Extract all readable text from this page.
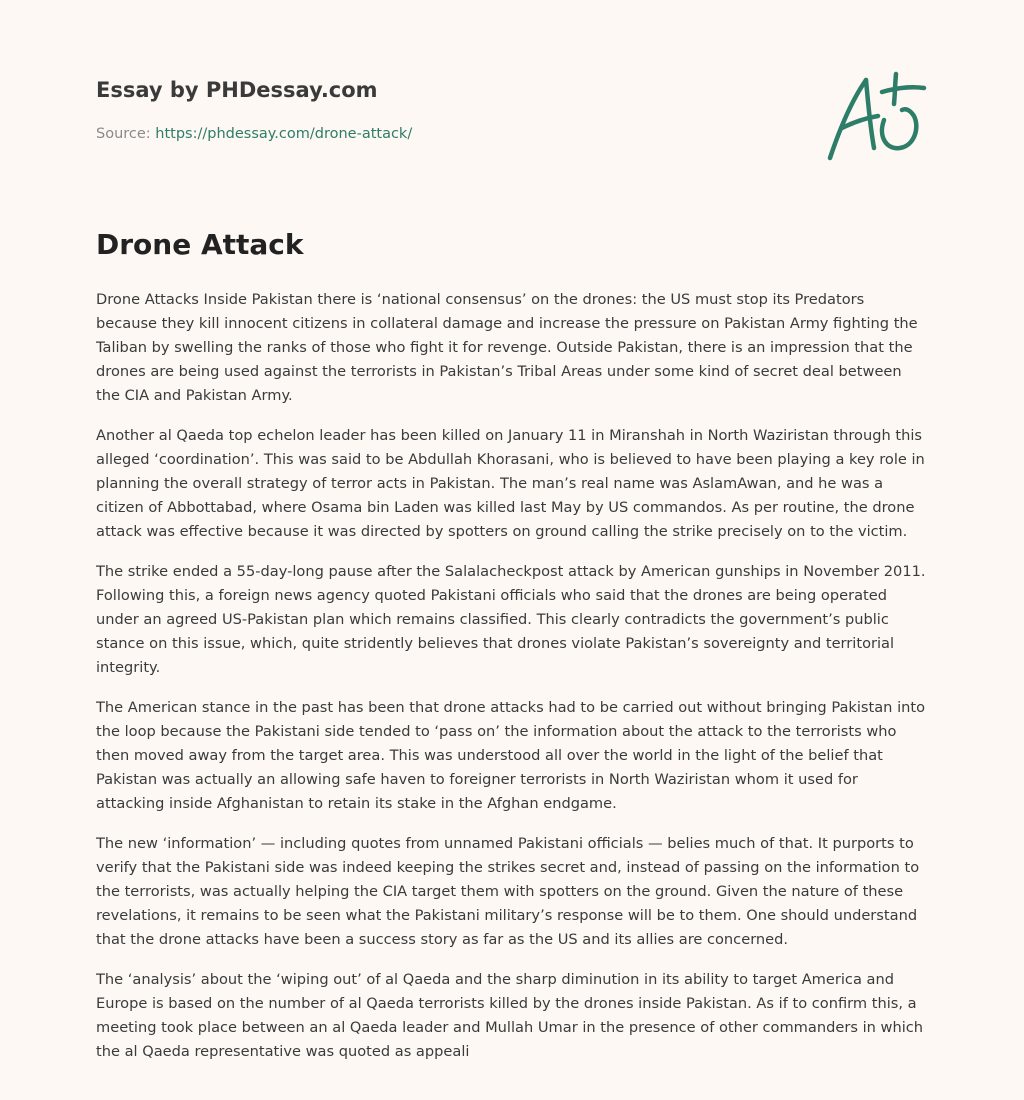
Essay by PHDessay.com
Source: https://phdessay.com/drone-attack/
Drone Attack

Drone Attacks Inside Pakistan there is ‘national consensus’ on the drones: the US must stop its Predators because they kill innocent citizens in collateral damage and increase the pressure on Pakistan Army fighting the Taliban by swelling the ranks of those who fight it for revenge. Outside Pakistan, there is an impression that the drones are being used against the terrorists in Pakistan’s Tribal Areas under some kind of secret deal between the CIA and Pakistan Army.

Another al Qaeda top echelon leader has been killed on January 11 in Miranshah in North Waziristan through this alleged ‘coordination’. This was said to be Abdullah Khorasani, who is believed to have been playing a key role in planning the overall strategy of terror acts in Pakistan. The man’s real name was AslamAwan, and he was a citizen of Abbottabad, where Osama bin Laden was killed last May by US commandos. As per routine, the drone attack was effective because it was directed by spotters on ground calling the strike precisely on to the victim.

The strike ended a 55-day-long pause after the Salalacheckpost attack by American gunships in November 2011. Following this, a foreign news agency quoted Pakistani officials who said that the drones are being operated under an agreed US-Pakistan plan which remains classified. This clearly contradicts the government’s public stance on this issue, which, quite stridently believes that drones violate Pakistan’s sovereignty and territorial integrity.

The American stance in the past has been that drone attacks had to be carried out without bringing Pakistan into the loop because the Pakistani side tended to ‘pass on’ the information about the attack to the terrorists who then moved away from the target area. This was understood all over the world in the light of the belief that Pakistan was actually an allowing safe haven to foreigner terrorists in North Waziristan whom it used for attacking inside Afghanistan to retain its stake in the Afghan endgame.

The new ‘information’ — including quotes from unnamed Pakistani officials — belies much of that. It purports to verify that the Pakistani side was indeed keeping the strikes secret and, instead of passing on the information to the terrorists, was actually helping the CIA target them with spotters on the ground. Given the nature of these revelations, it remains to be seen what the Pakistani military’s response will be to them. One should understand that the drone attacks have been a success story as far as the US and its allies are concerned.

The ‘analysis’ about the ‘wiping out’ of al Qaeda and the sharp diminution in its ability to target America and Europe is based on the number of al Qaeda terrorists killed by the drones inside Pakistan. As if to confirm this, a meeting took place between an al Qaeda leader and Mullah Umar in the presence of other commanders in which the al Qaeda representative was quoted as appeali
